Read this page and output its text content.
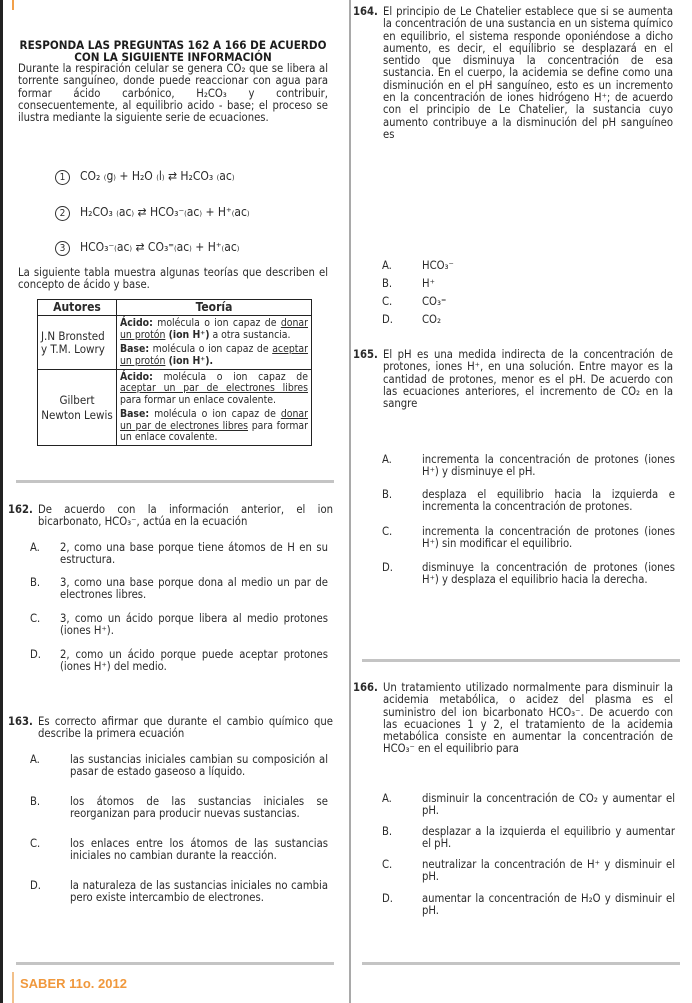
RESPONDA LAS PREGUNTAS 162 A 166 DE ACUERDO CON LA SIGUIENTE INFORMACIÓN
Durante la respiración celular se genera CO₂ que se libera al torrente sanguíneo, donde puede reaccionar con agua para formar ácido carbónico, H₂CO₃ y contribuir, consecuentemente, al equilibrio acido - base; el proceso se ilustra mediante la siguiente serie de ecuaciones.
1 CO₂ ₍g₎ + H₂O ₍l₎ ⇄ H₂CO₃ ₍ac₎
2 H₂CO₃ ₍ac₎ ⇄ HCO₃⁻₍ac₎ + H⁺₍ac₎
3 HCO₃⁻₍ac₎ ⇄ CO₃⁼₍ac₎ + H⁺₍ac₎
La siguiente tabla muestra algunas teorías que describen el concepto de ácido y base.
Autores	Teoría
J.N Bronsted y T.M. Lowry	Ácido: molécula o ion capaz de donar un protón (ion H⁺) a otra sustancia.
Base: molécula o ion capaz de aceptar un protón (ion H⁺).

Gilbert Newton Lewis	Ácido: molécula o ion capaz de aceptar un par de electrones libres para formar un enlace covalente.
Base: molécula o ion capaz de donar un par de electrones libres para formar un enlace covalente.
162. De acuerdo con la información anterior, el ion bicarbonato, HCO₃⁻, actúa en la ecuación
A. 2, como una base porque tiene átomos de H en su estructura.
B. 3, como una base porque dona al medio un par de electrones libres.
C. 3, como un ácido porque libera al medio protones (iones H⁺).
D. 2, como un ácido porque puede aceptar protones (iones H⁺) del medio.
163. Es correcto afirmar que durante el cambio químico que describe la primera ecuación
A.	las sustancias iniciales cambian su composición al pasar de estado gaseoso a líquido.
B.	los átomos de las sustancias iniciales se reorganizan para producir nuevas sustancias.
C.	los enlaces entre los átomos de las sustancias iniciales no cambian durante la reacción.
D.	la naturaleza de las sustancias iniciales no cambia pero existe intercambio de electrones.
SABER 11o. 2012
164. El principio de Le Chatelier establece que si se aumenta la concentración de una sustancia en un sistema químico en equilibrio, el sistema responde oponiéndose a dicho aumento, es decir, el equilibrio se desplazará en el sentido que disminuya la concentración de esa sustancia. En el cuerpo, la acidemia se define como una disminución en el pH sanguíneo, esto es un incremento en la concentración de iones hidrógeno H⁺; de acuerdo con el principio de Le Chatelier, la sustancia cuyo aumento contribuye a la disminución del pH sanguíneo es
A.	HCO₃⁻
B.	H⁺
C.	CO₃⁼
D.	CO₂
165. El pH es una medida indirecta de la concentración de protones, iones H⁺, en una solución. Entre mayor es la cantidad de protones, menor es el pH. De acuerdo con las ecuaciones anteriores, el incremento de CO₂ en la sangre
A.	incrementa la concentración de protones (iones H⁺) y disminuye el pH.
B.	desplaza el equilibrio hacia la izquierda e incrementa la concentración de protones.
C.	incrementa la concentración de protones (iones H⁺) sin modificar el equilibrio.
D.	disminuye la concentración de protones (iones H⁺) y desplaza el equilibrio hacia la derecha.
166. Un tratamiento utilizado normalmente para disminuir la acidemia metabólica, o acidez del plasma es el suministro del ion bicarbonato HCO₃⁻. De acuerdo con las ecuaciones 1 y 2, el tratamiento de la acidemia metabólica consiste en aumentar la concentración de HCO₃⁻ en el equilibrio para
A.	disminuir la concentración de CO₂ y aumentar el pH.
B.	desplazar a la izquierda el equilibrio y aumentar el pH.
C.	neutralizar la concentración de H⁺ y disminuir el pH.
D.	aumentar la concentración de H₂O y disminuir el pH.
